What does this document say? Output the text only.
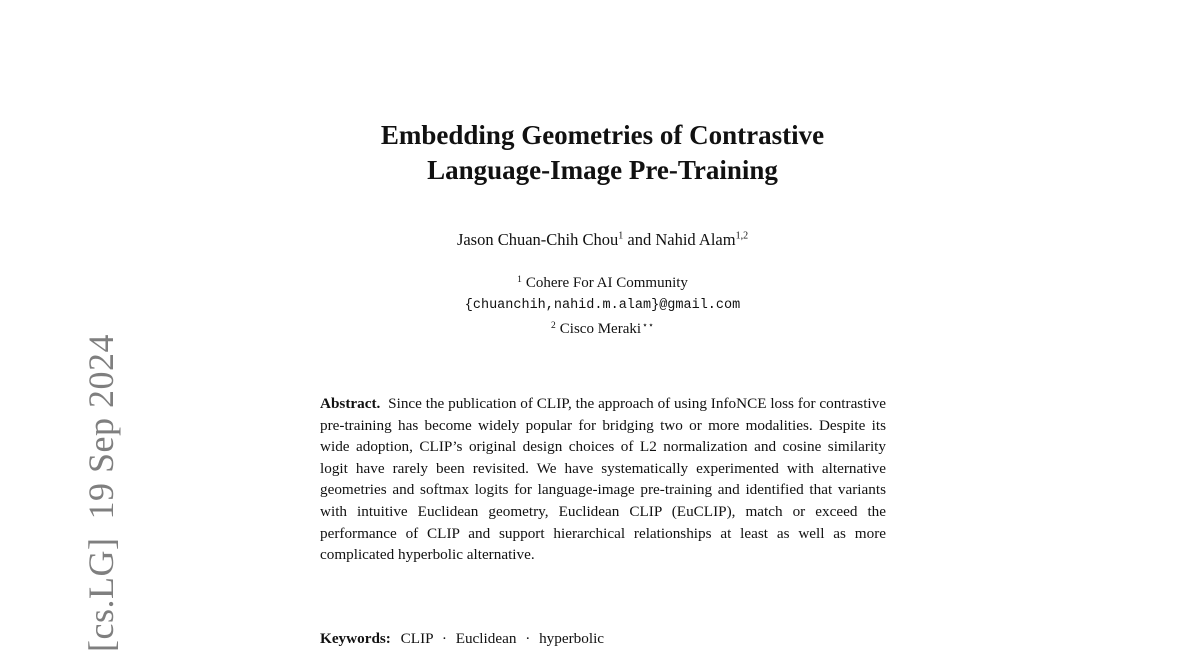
[cs.LG]19 Sep 2024
Embedding Geometries of Contrastive
Language-Image Pre-Training
Jason Chuan-Chih Chou$^1$ and Nahid Alam$^{1,2}$
$^1$ Cohere For AI Community
{chuanchih,nahid.m.alam}@gmail.com
$^2$ Cisco Meraki⋆⋆

Abstract. Since the publication of CLIP, the approach of using InfoNCE loss for contrastive pre-training has become widely popular for bridging two or more modalities. Despite its wide adoption, CLIP’s original design choices of L2 normalization and cosine similarity logit have rarely been revisited. We have systematically experimented with alternative geometries and softmax logits for language-image pre-training and identified that variants with intuitive Euclidean geometry, Euclidean CLIP (EuCLIP), match or exceed the performance of CLIP and support hierarchical relationships at least as well as more complicated hyperbolic alternative.

Keywords: CLIP · Euclidean · hyperbolic
